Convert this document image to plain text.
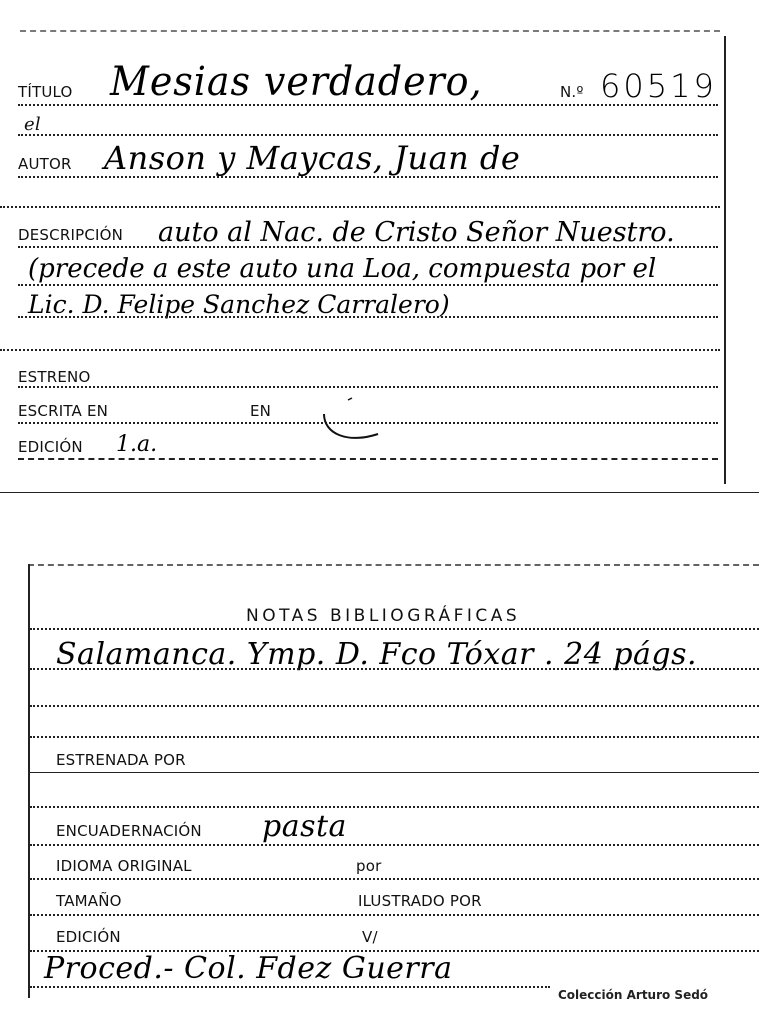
TÍTULO Mesias verdadero,	N.º 60519
el
AUTOR Anson y Maycas, Juan de
DESCRIPCIÓN auto al Nac. de Cristo Señor Nuestro.
(precede a este auto una Loa, compuesta por el
Lic. D. Felipe Sanchez Carralero)
ESTRENO
ESCRITA EN	EN
EDICIÓN 1.a.
NOTAS BIBLIOGRÁFICAS
Salamanca. Ymp. D. Fco Tóxar . 24 págs.
ESTRENADA POR
ENCUADERNACIÓN pasta
IDIOMA ORIGINAL	por
TAMAÑO	ILUSTRADO POR
EDICIÓN	V/
Proced.- Col. Fdez Guerra
Colección Arturo Sedó
